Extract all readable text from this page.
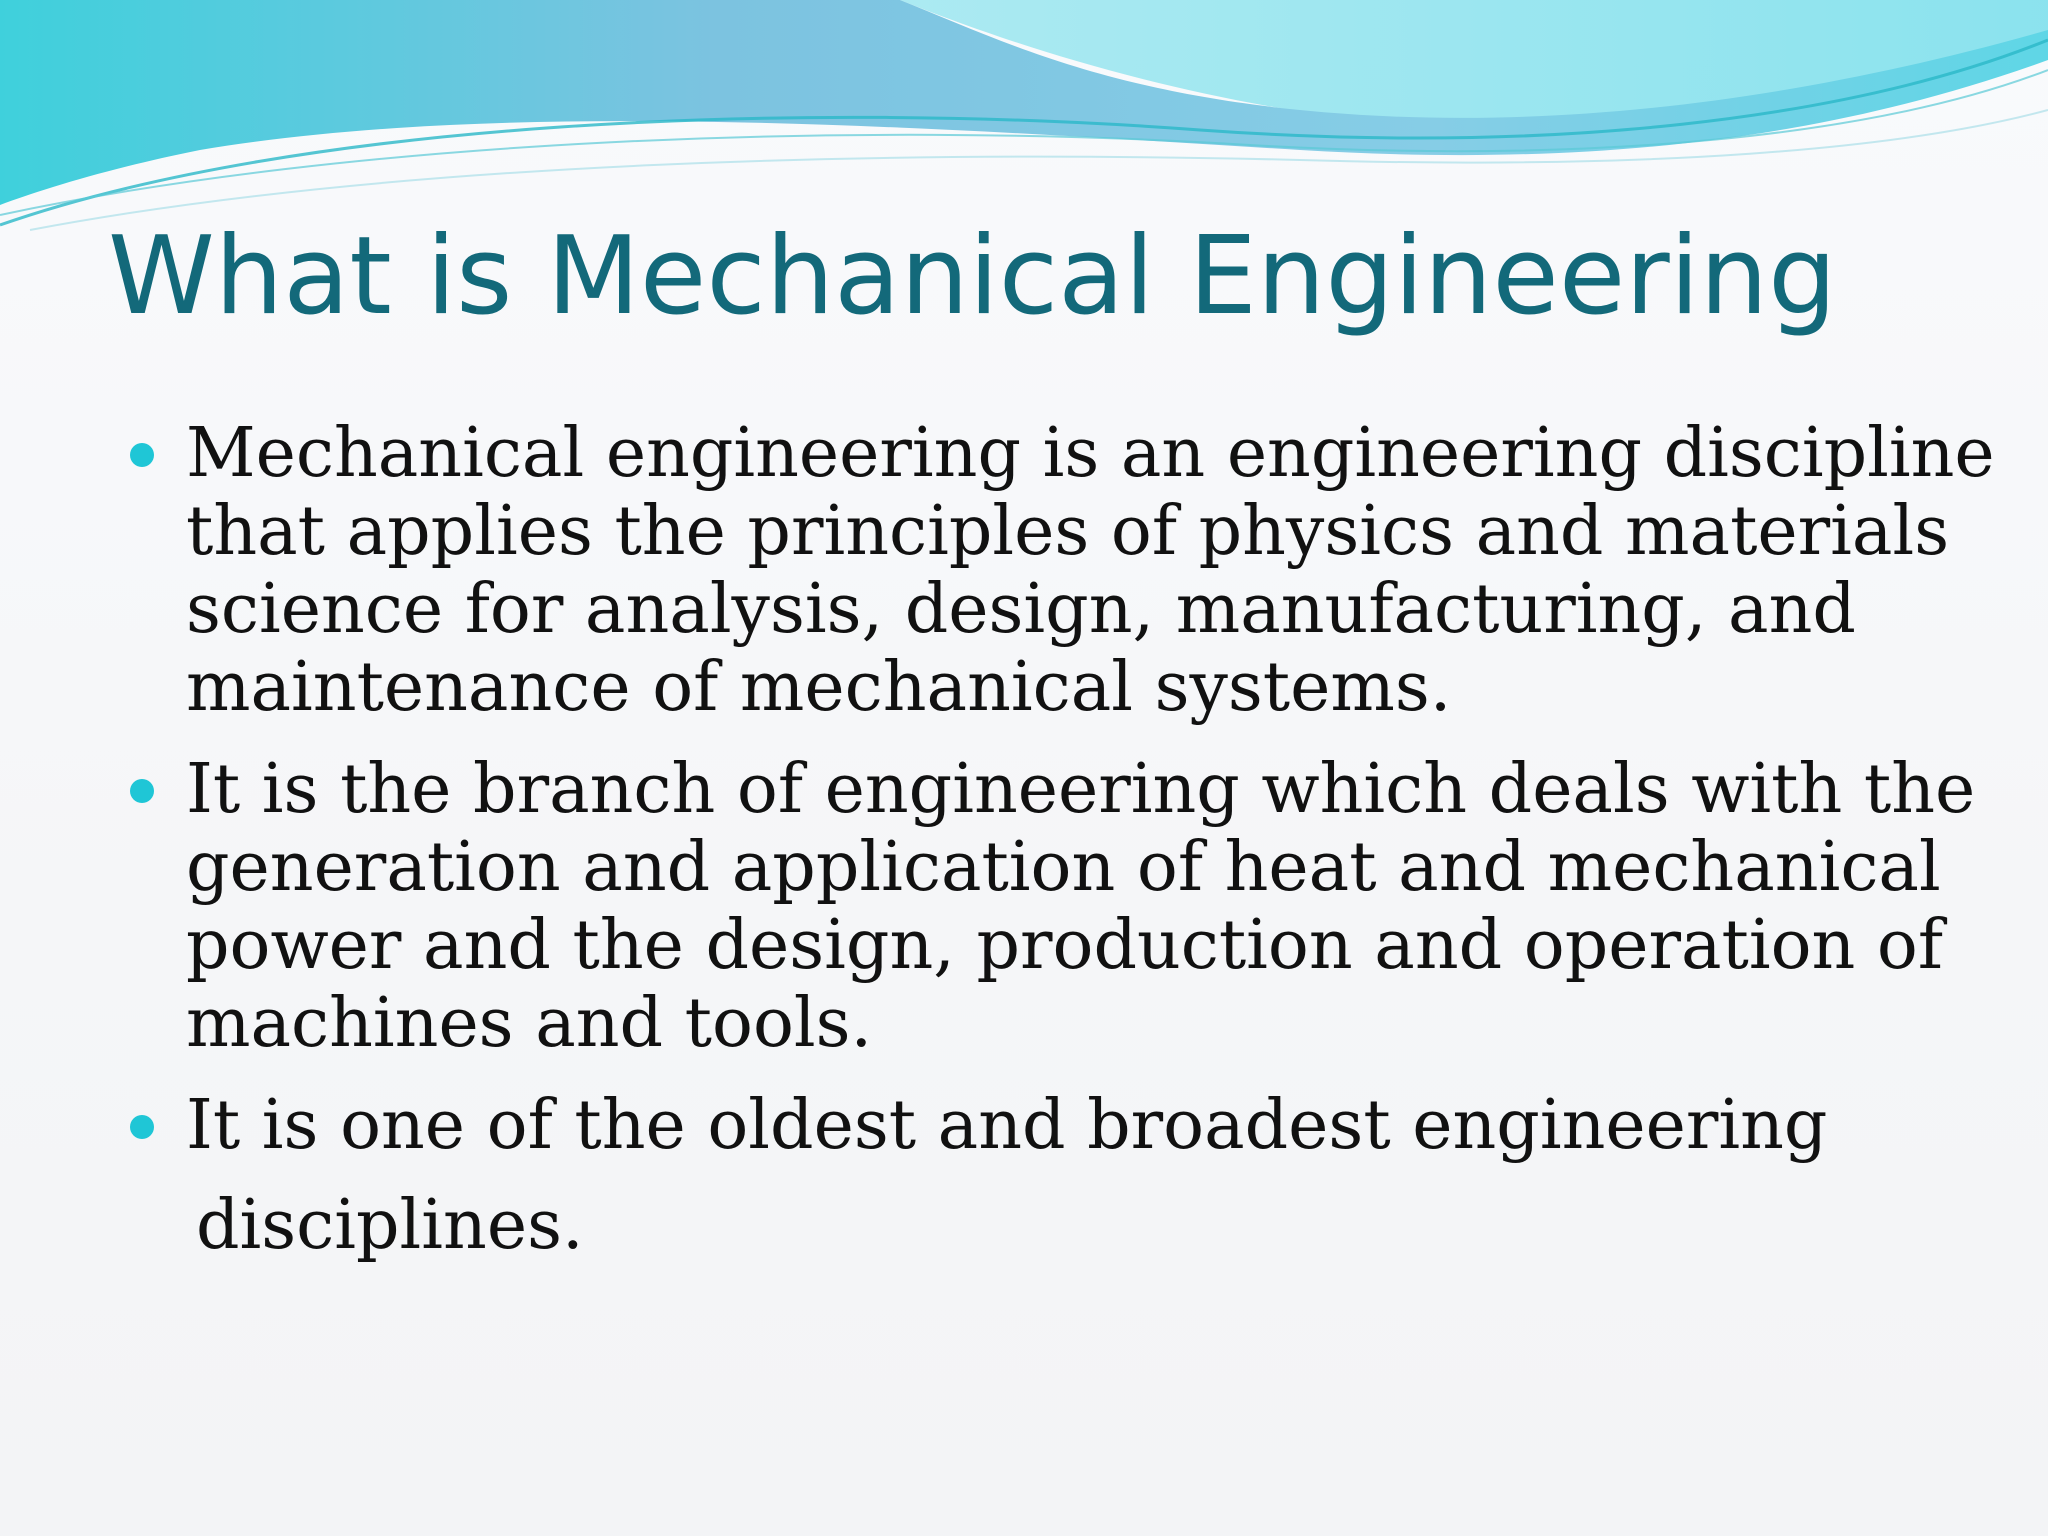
What is Mechanical Engineering
Mechanical engineering is an engineering discipline
that applies the principles of physics and materials
science for analysis, design, manufacturing, and
maintenance of mechanical systems.
It is the branch of engineering which deals with the
generation and application of heat and mechanical
power and the design, production and operation of
machines and tools.
It is one of the oldest and broadest engineering
disciplines.
